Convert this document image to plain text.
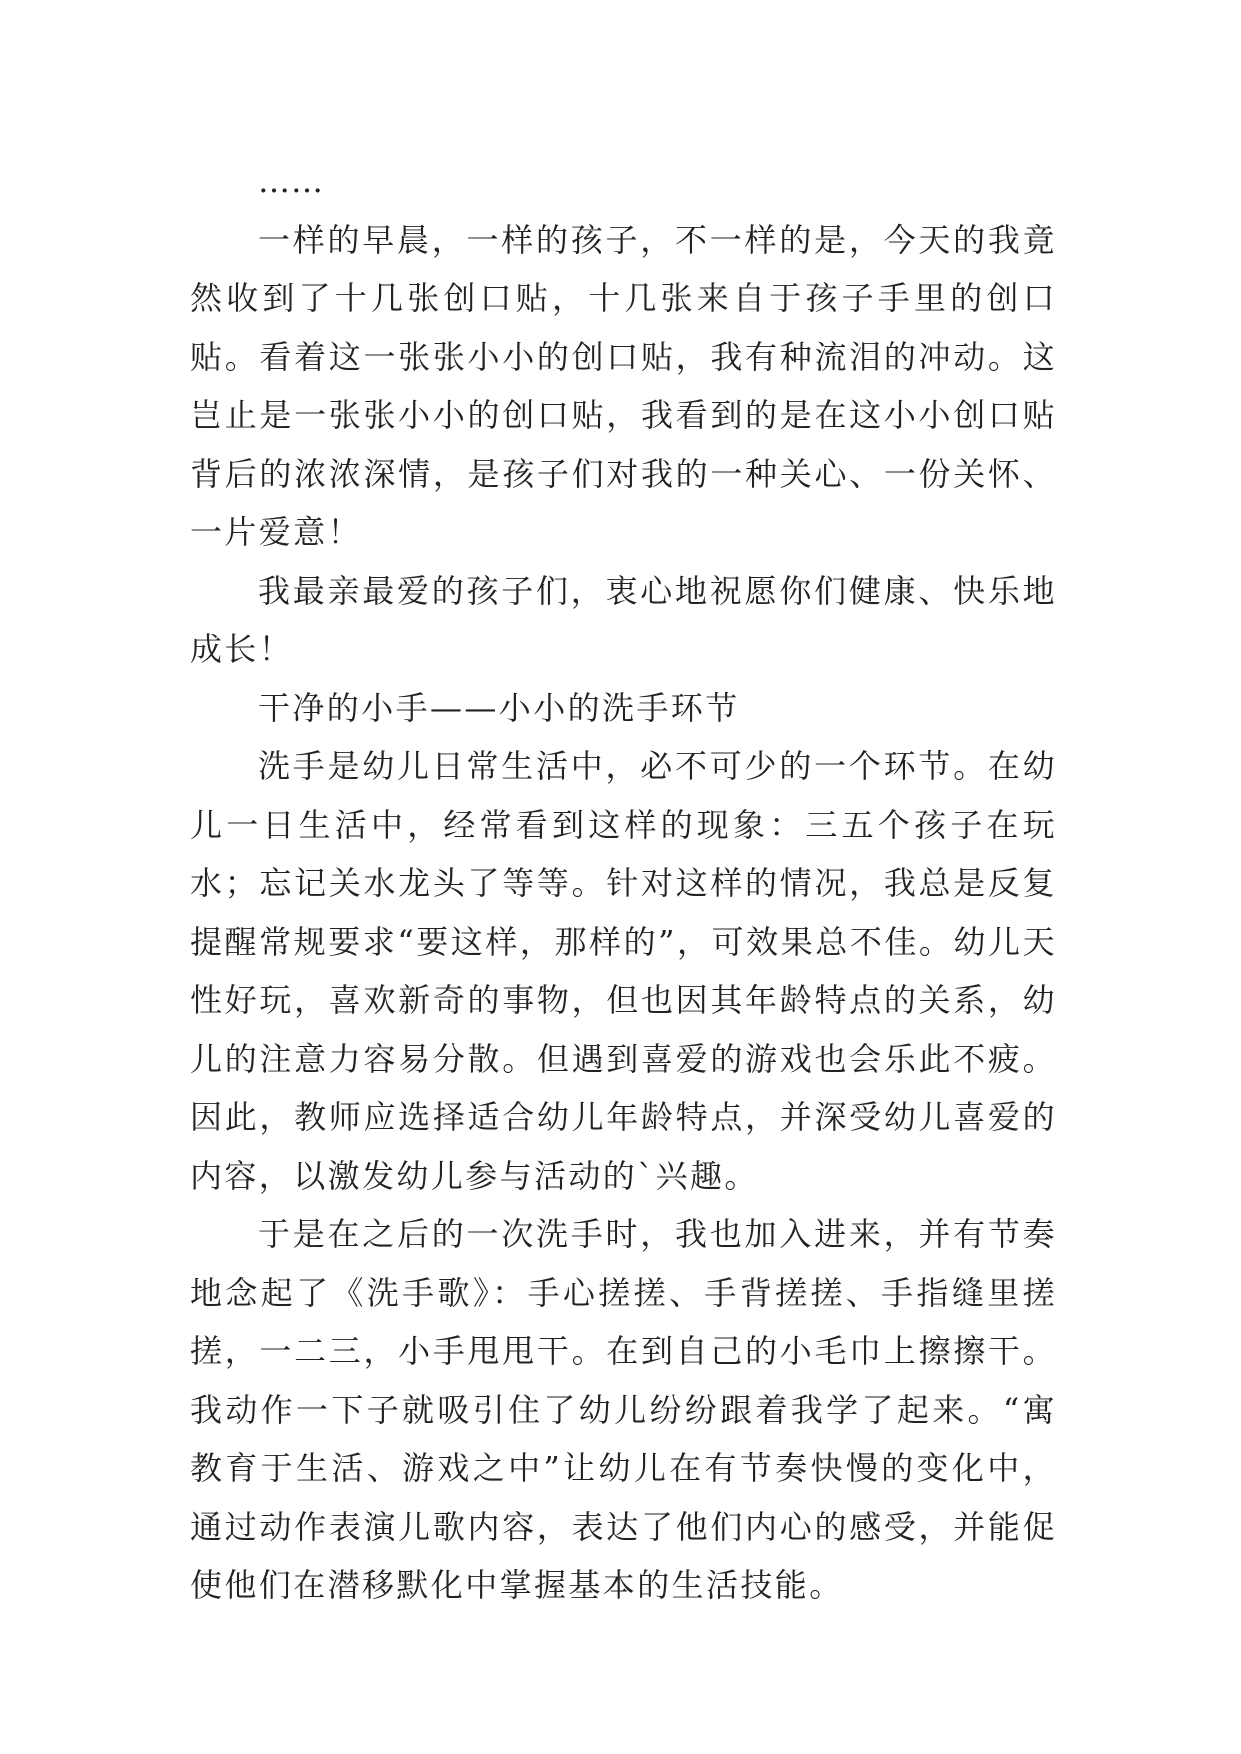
……

一样的早晨，一样的孩子，不一样的是，今天的我竟然收到了十几张创口贴，十几张来自于孩子手里的创口贴。看着这一张张小小的创口贴，我有种流泪的冲动。这岂止是一张张小小的创口贴，我看到的是在这小小创口贴背后的浓浓深情，是孩子们对我的一种关心、一份关怀、一片爱意！

我最亲最爱的孩子们，衷心地祝愿你们健康、快乐地成长！

干净的小手——小小的洗手环节

洗手是幼儿日常生活中，必不可少的一个环节。在幼儿一日生活中，经常看到这样的现象：三五个孩子在玩水；忘记关水龙头了等等。针对这样的情况，我总是反复提醒常规要求“要这样，那样的”，可效果总不佳。幼儿天性好玩，喜欢新奇的事物，但也因其年龄特点的关系，幼儿的注意力容易分散。但遇到喜爱的游戏也会乐此不疲。因此，教师应选择适合幼儿年龄特点，并深受幼儿喜爱的内容，以激发幼儿参与活动的`兴趣。

于是在之后的一次洗手时，我也加入进来，并有节奏地念起了《洗手歌》：手心搓搓、手背搓搓、手指缝里搓搓，一二三，小手甩甩干。在到自己的小毛巾上擦擦干。我动作一下子就吸引住了幼儿纷纷跟着我学了起来。“寓教育于生活、游戏之中”让幼儿在有节奏快慢的变化中，通过动作表演儿歌内容，表达了他们内心的感受，并能促使他们在潜移默化中掌握基本的生活技能。
